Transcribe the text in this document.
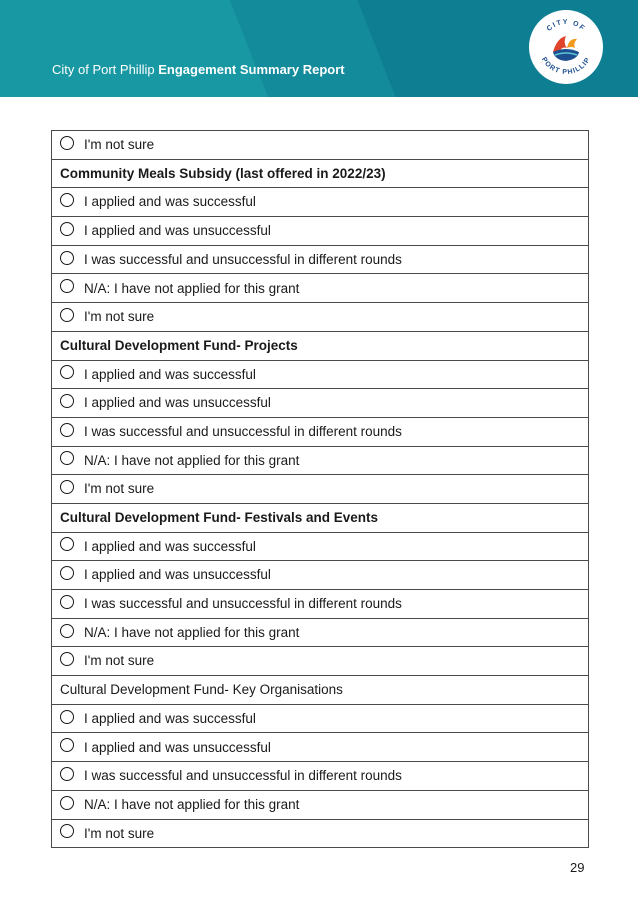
City of Port Phillip Engagement Summary Report
CITY OF
PORT PHILLIP
I'm not sure

Community Meals Subsidy (last offered in 2022/23)

I applied and was successful

I applied and was unsuccessful

I was successful and unsuccessful in different rounds

N/A: I have not applied for this grant

I'm not sure

Cultural Development Fund- Projects

I applied and was successful

I applied and was unsuccessful

I was successful and unsuccessful in different rounds

N/A: I have not applied for this grant

I'm not sure

Cultural Development Fund- Festivals and Events

I applied and was successful

I applied and was unsuccessful

I was successful and unsuccessful in different rounds

N/A: I have not applied for this grant

I'm not sure

Cultural Development Fund- Key Organisations

I applied and was successful

I applied and was unsuccessful

I was successful and unsuccessful in different rounds

N/A: I have not applied for this grant

I'm not sure
29
